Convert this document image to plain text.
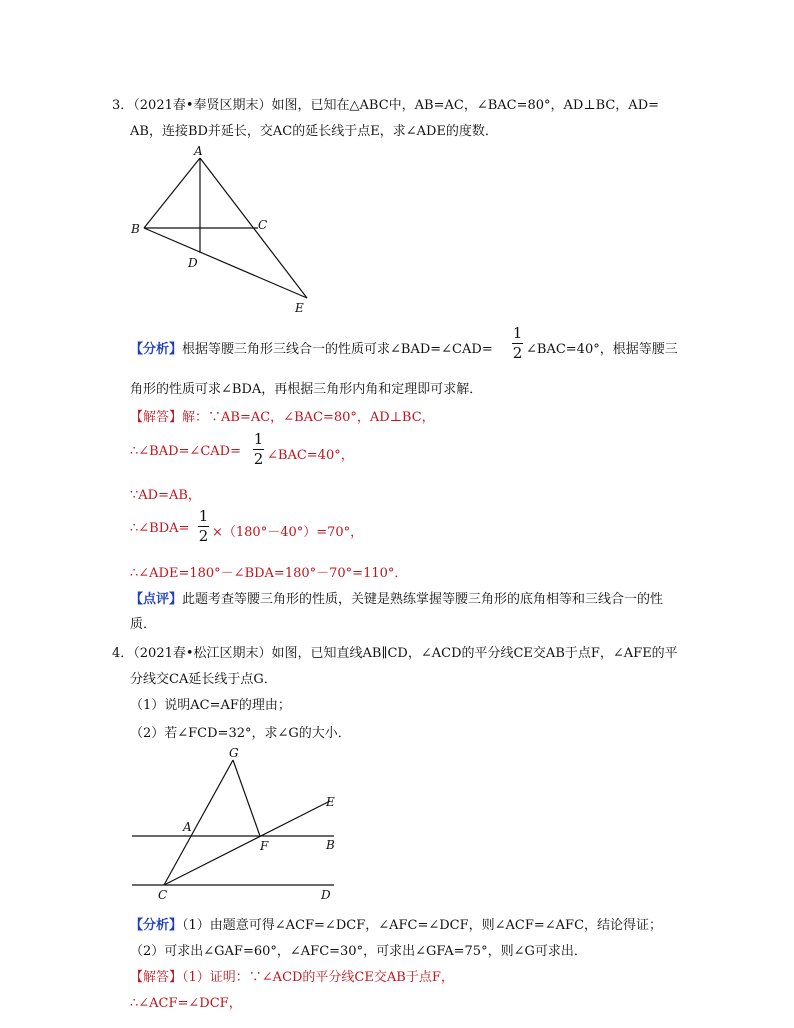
3．（2021春•奉贤区期末）如图，已知在△ABC中，AB=AC，∠BAC=80°，AD⊥BC，AD=
AB，连接BD并延长，交AC的延长线于点E，求∠ADE的度数．
A
B	C
D
E
【分析】根据等腰三角形三线合一的性质可求∠BAD=∠CAD=
1
2 ∠BAC=40°，根据等腰三
角形的性质可求∠BDA，再根据三角形内角和定理即可求解．
【解答】解：∵AB=AC，∠BAC=80°，AD⊥BC，
∴∠BAD=∠CAD=
1
2 ∠BAC=40°，
∵AD=AB，
∴∠BDA=
1
2 ×（180°－40°）=70°，
∴∠ADE=180°－∠BDA=180°－70°=110°．
【点评】此题考查等腰三角形的性质，关键是熟练掌握等腰三角形的底角相等和三线合一的性
质．
4．（2021春•松江区期末）如图，已知直线AB∥CD，∠ACD的平分线CE交AB于点F，∠AFE的平
分线交CA延长线于点G．
（1）说明AC=AF的理由；
（2）若∠FCD=32°，求∠G的大小．
G
E
A
F	B
C	D
【分析】（1）由题意可得∠ACF=∠DCF，∠AFC=∠DCF，则∠ACF=∠AFC，结论得证；
（2）可求出∠GAF=60°，∠AFC=30°，可求出∠GFA=75°，则∠G可求出．
【解答】（1）证明：∵∠ACD的平分线CE交AB于点F，
∴∠ACF=∠DCF，
